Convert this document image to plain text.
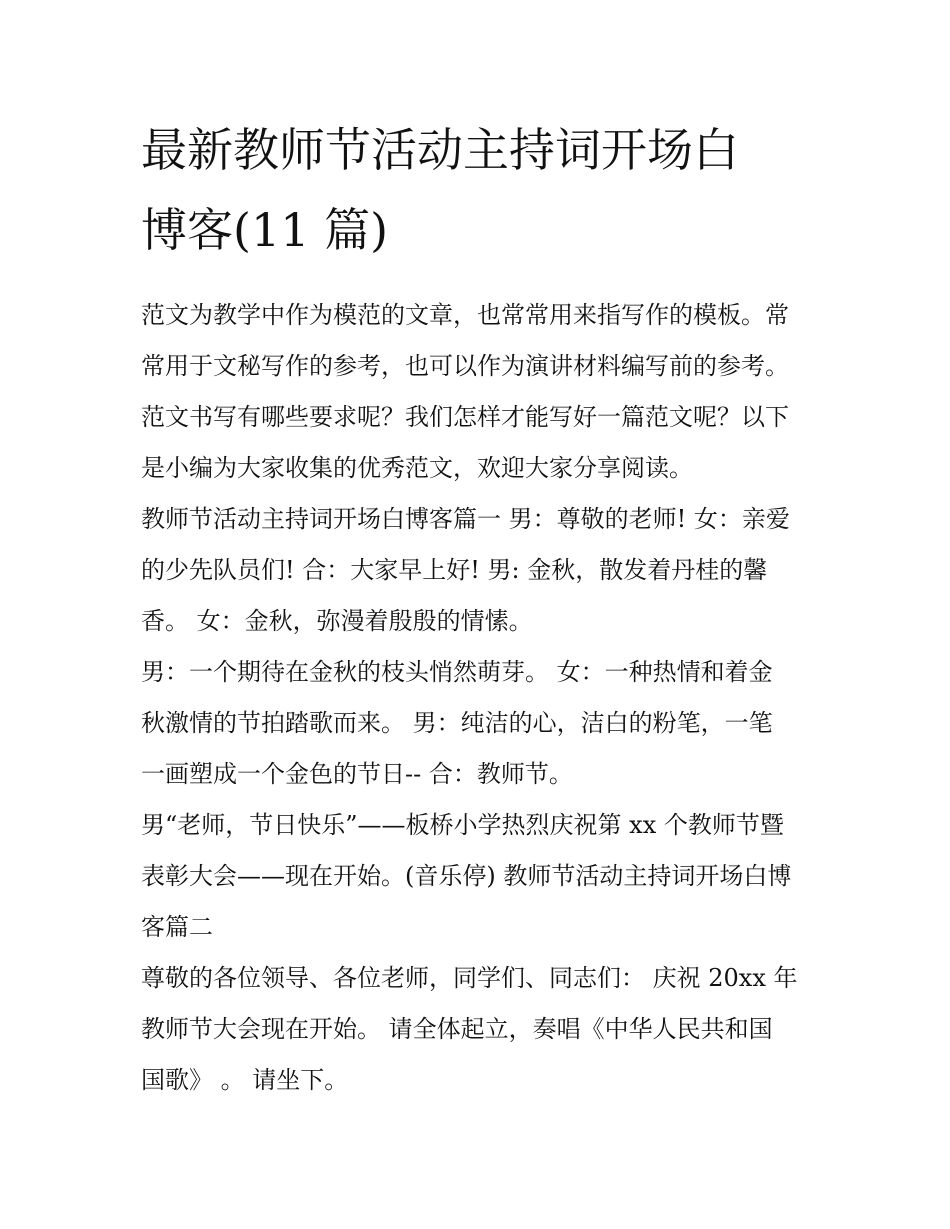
最新教师节活动主持词开场白
博客(11 篇)

范文为教学中作为模范的文章，也常常用来指写作的模板。常
常用于文秘写作的参考，也可以作为演讲材料编写前的参考。
范文书写有哪些要求呢？我们怎样才能写好一篇范文呢？以下
是小编为大家收集的优秀范文，欢迎大家分享阅读。

教师节活动主持词开场白博客篇一 男：尊敬的老师! 女：亲爱
的少先队员们! 合：大家早上好! 男: 金秋，散发着丹桂的馨
香。 女：金秋，弥漫着殷殷的情愫。

男：一个期待在金秋的枝头悄然萌芽。 女：一种热情和着金
秋激情的节拍踏歌而来。 男：纯洁的心，洁白的粉笔，一笔
一画塑成一个金色的节日-- 合：教师节。

男“老师，节日快乐”——板桥小学热烈庆祝第 xx 个教师节暨
表彰大会——现在开始。(音乐停) 教师节活动主持词开场白博
客篇二

尊敬的各位领导、各位老师，同学们、同志们： 庆祝 20xx 年
教师节大会现在开始。 请全体起立，奏唱《中华人民共和国
国歌》 。 请坐下。
